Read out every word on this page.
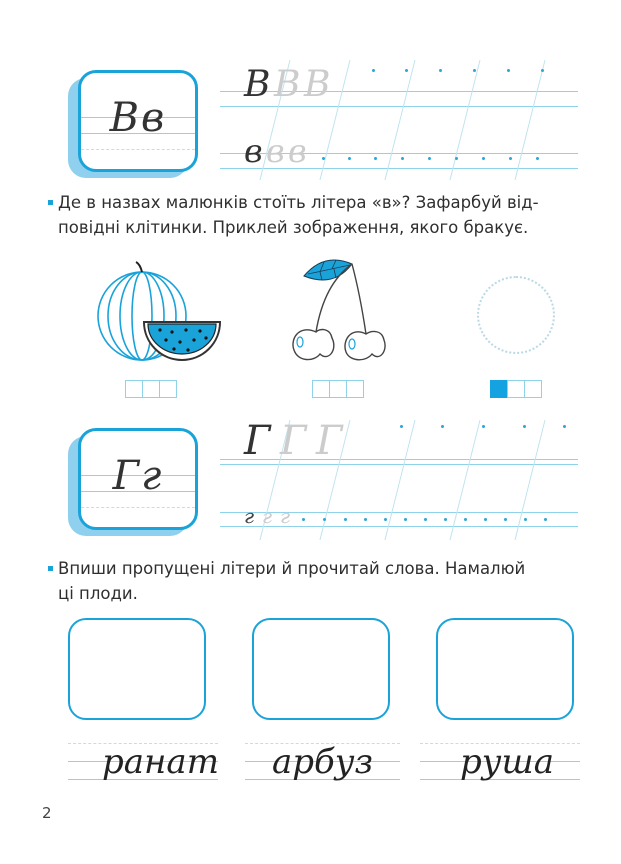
Вв
В В В
в в в
Де в назвах малюнків стоїть літера «в»? Зафарбуй від-
повідні клітинки. Приклей зображення, якого бракує.
Гг
Г Г Г
г г г
Впиши пропущені літери й прочитай слова. Намалюй
ці плоди.
ранат арбуз	руша
2
